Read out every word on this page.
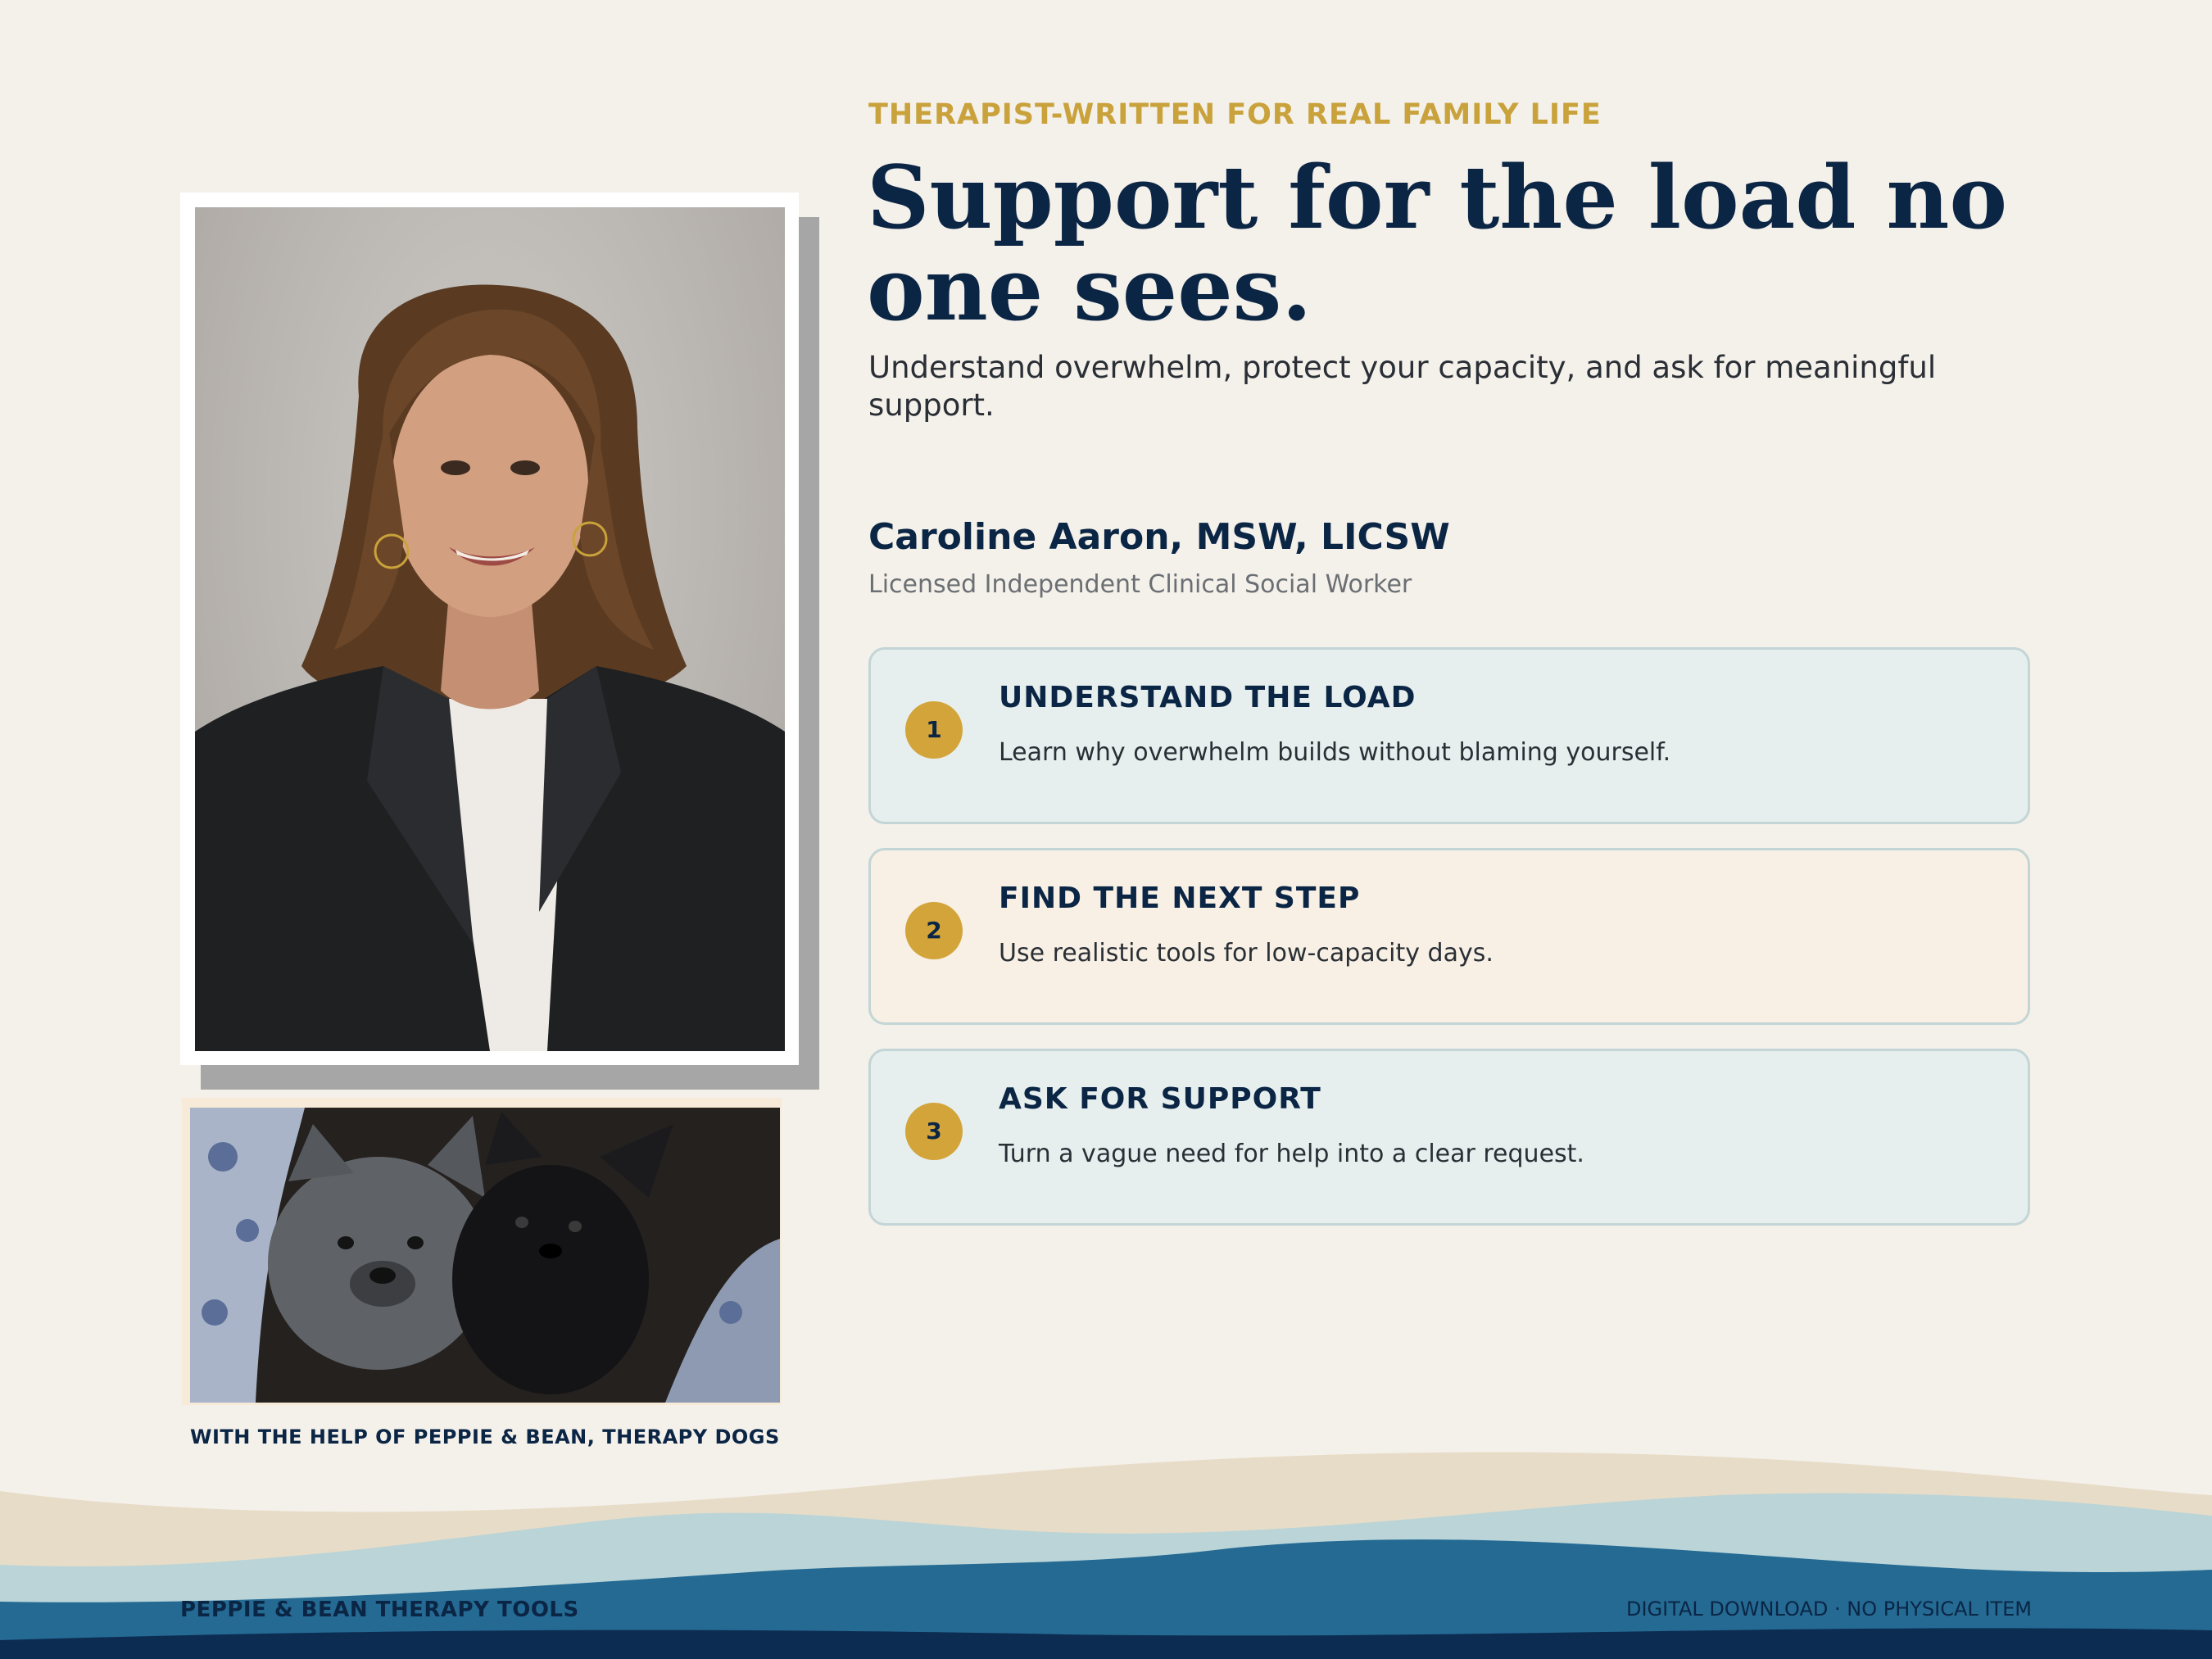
WITH THE HELP OF PEPPIE & BEAN, THERAPY DOGS
THERAPIST-WRITTEN FOR REAL FAMILY LIFE
Support for the load no one sees.

Understand overwhelm, protect your capacity, and ask for meaningful support.

Caroline Aaron, MSW, LICSW
Licensed Independent Clinical Social Worker
1
UNDERSTAND THE LOAD
Learn why overwhelm builds without blaming yourself.
2
FIND THE NEXT STEP
Use realistic tools for low-capacity days.
3
ASK FOR SUPPORT
Turn a vague need for help into a clear request.
PEPPIE & BEAN THERAPY TOOLS	DIGITAL DOWNLOAD · NO PHYSICAL ITEM
